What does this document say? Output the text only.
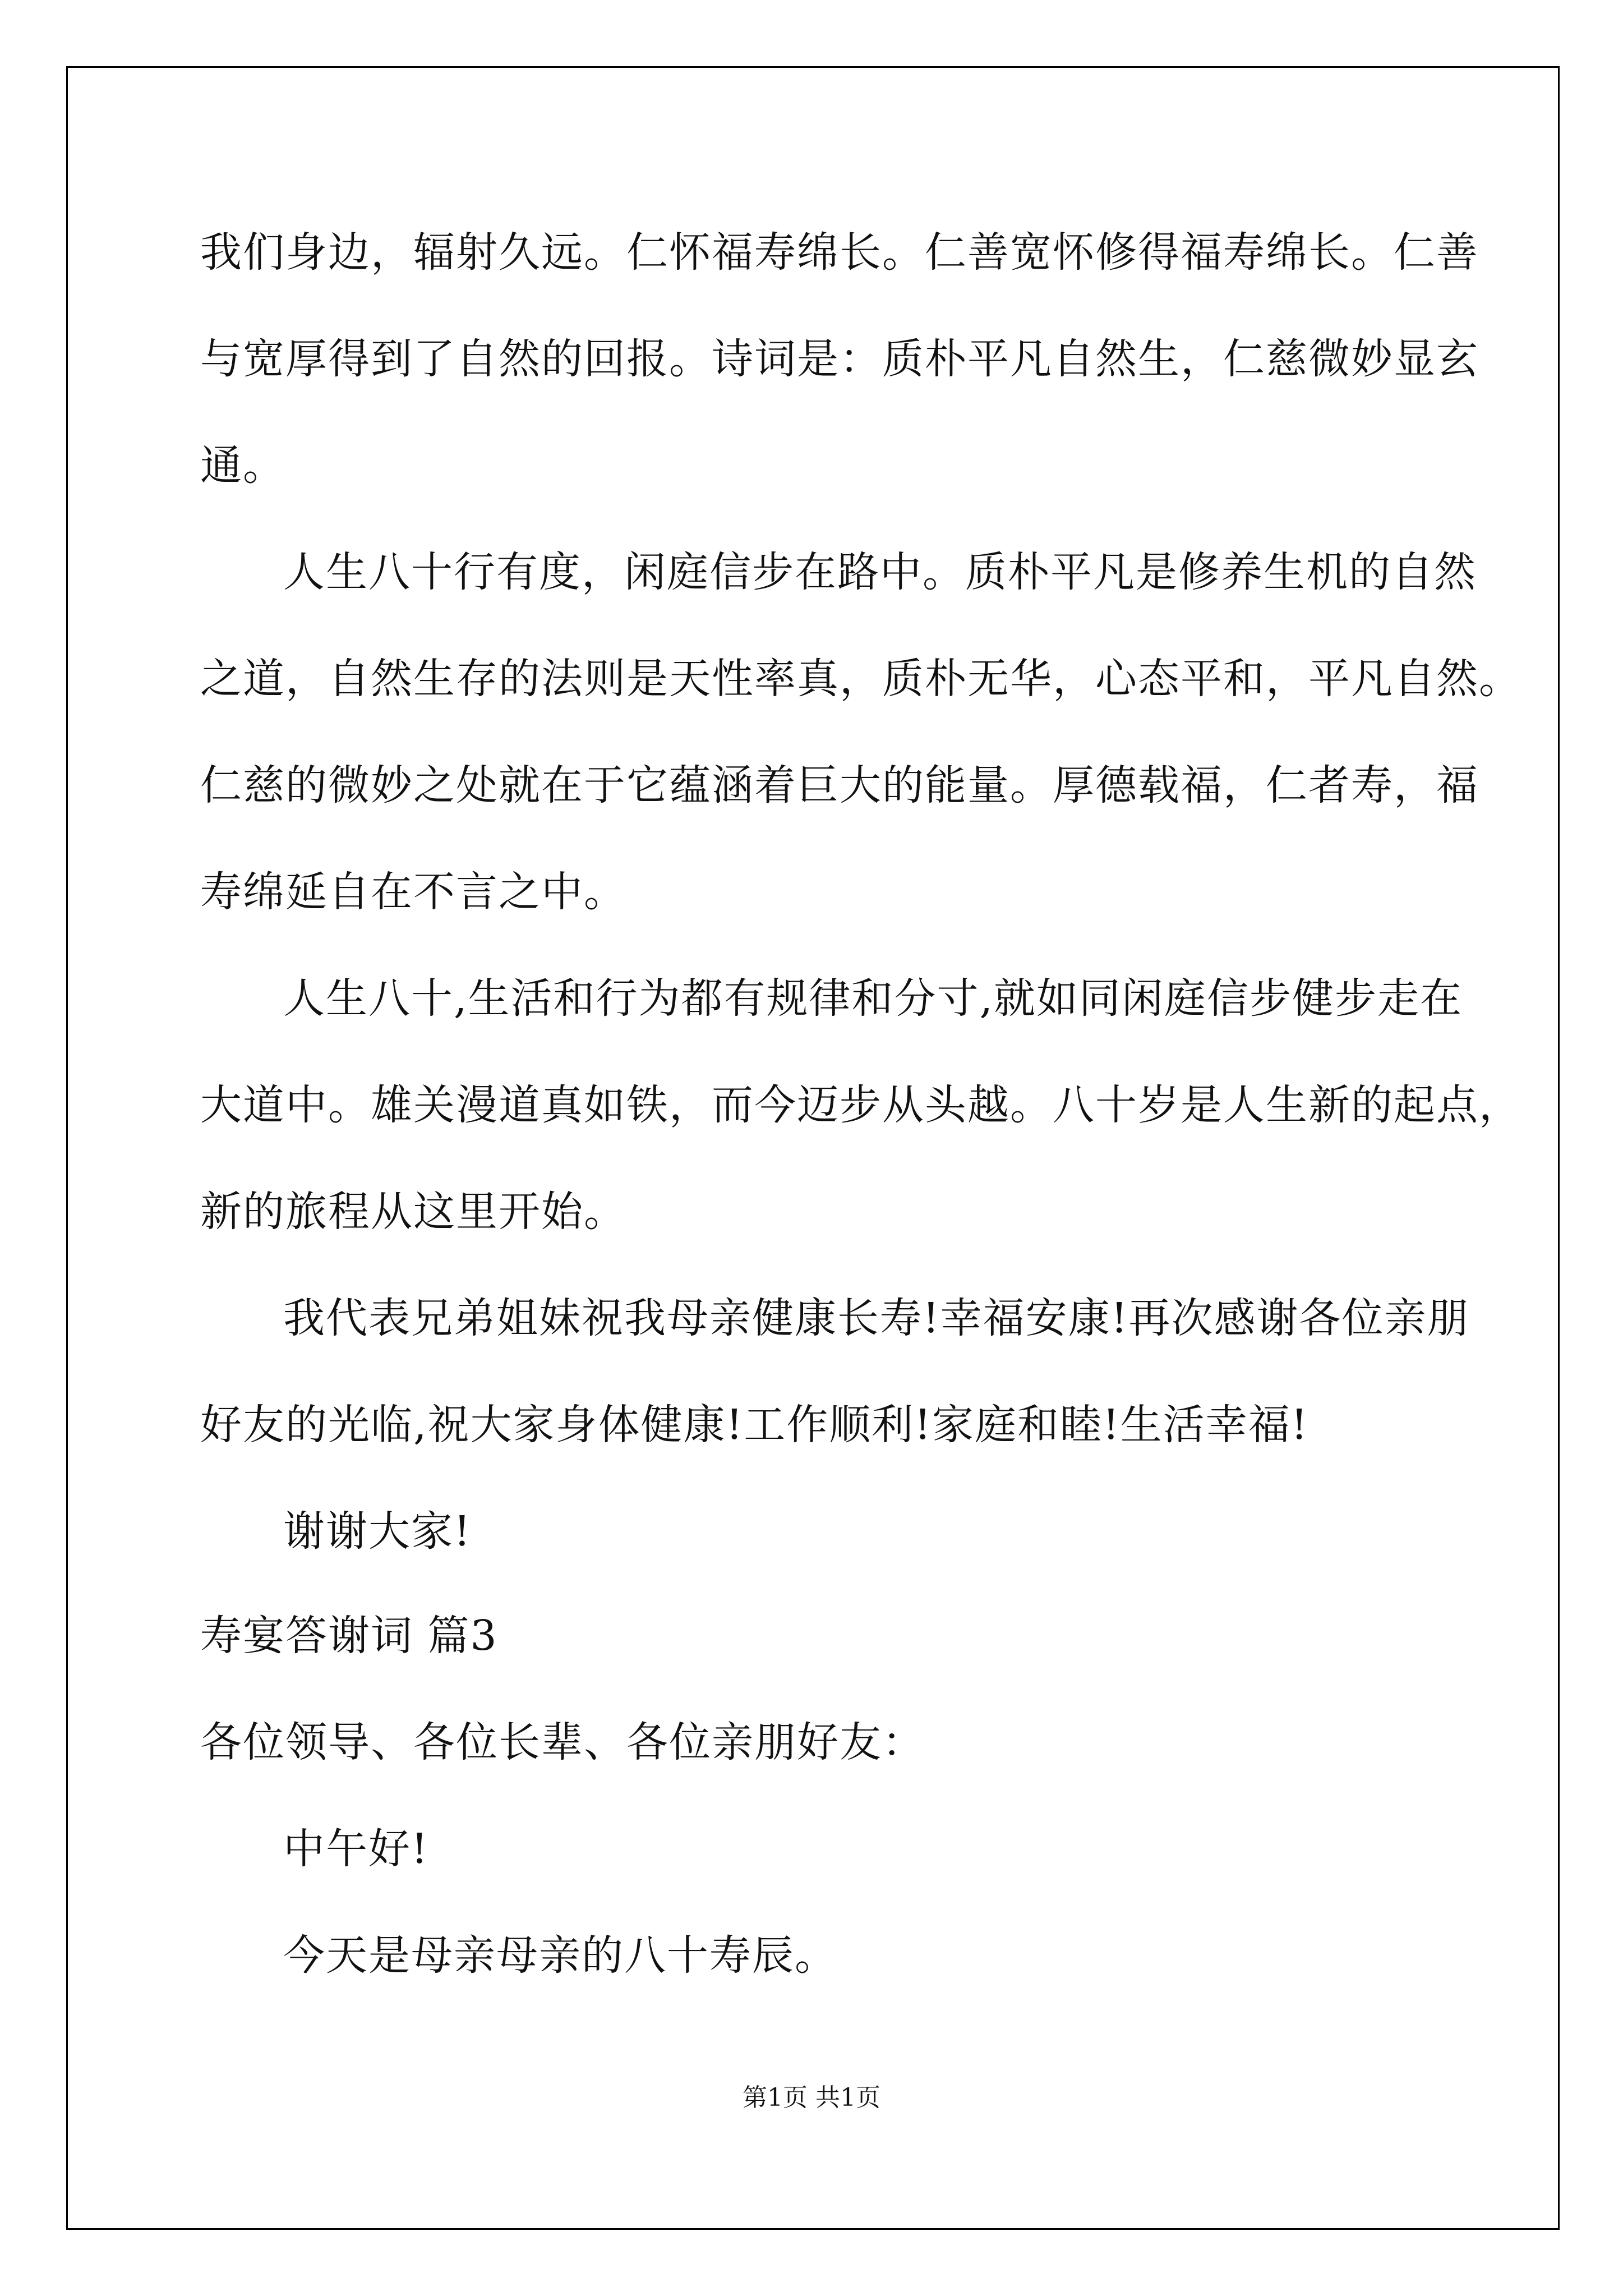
我们身边，辐射久远。仁怀福寿绵长。仁善宽怀修得福寿绵长。仁善
与宽厚得到了自然的回报。诗词是：质朴平凡自然生，仁慈微妙显玄
通。
人生八十行有度，闲庭信步在路中。质朴平凡是修养生机的自然
之道，自然生存的法则是天性率真，质朴无华，心态平和，平凡自然。
仁慈的微妙之处就在于它蕴涵着巨大的能量。厚德载福，仁者寿，福
寿绵延自在不言之中。
人生八十,生活和行为都有规律和分寸,就如同闲庭信步健步走在
大道中。雄关漫道真如铁，而今迈步从头越。八十岁是人生新的起点，
新的旅程从这里开始。
我代表兄弟姐妹祝我母亲健康长寿!幸福安康!再次感谢各位亲朋
好友的光临,祝大家身体健康!工作顺利!家庭和睦!生活幸福!
谢谢大家!
寿宴答谢词 篇3
各位领导、各位长辈、各位亲朋好友：
中午好!
今天是母亲母亲的八十寿辰。
第1页 共1页
